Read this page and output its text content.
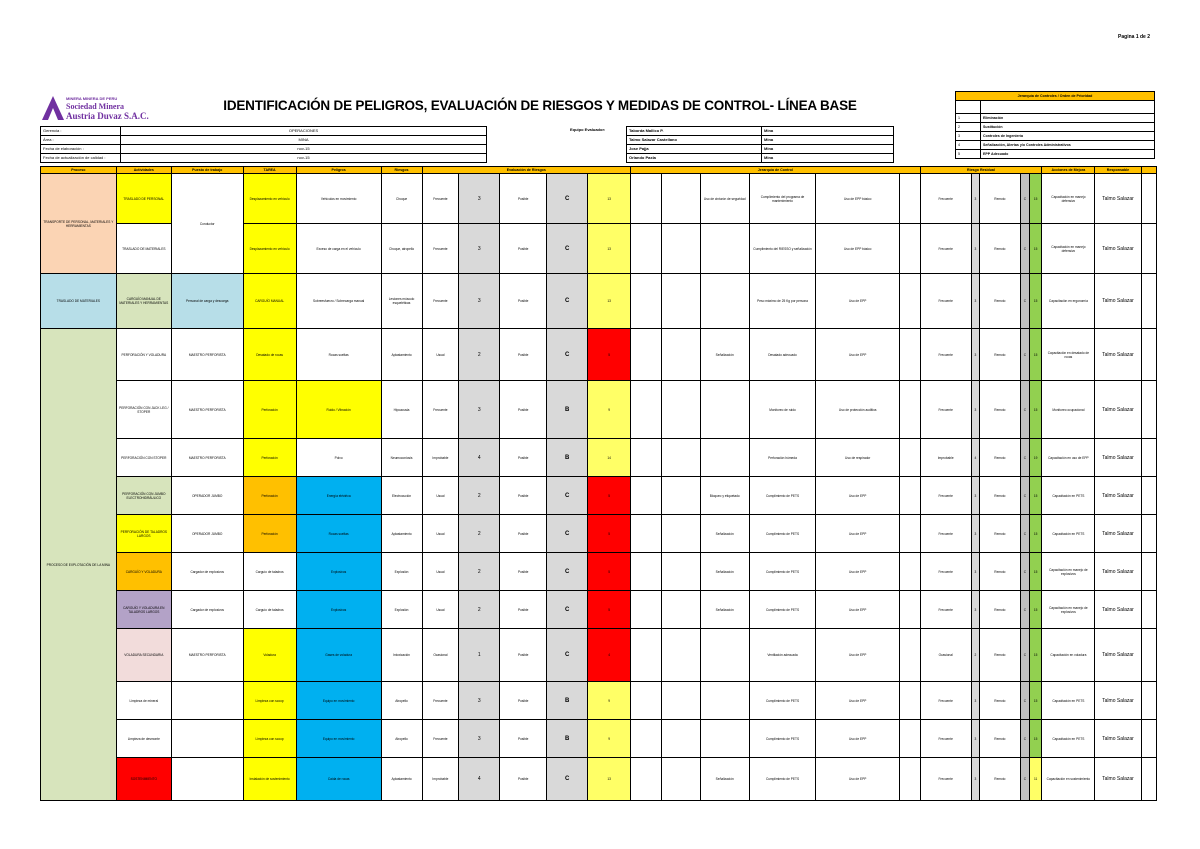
Pagina 1 de 2
MINERA MINERA DE PERU
Sociedad Minera
Austria Duvaz S.A.C.
IDENTIFICACIÓN DE PELIGROS, EVALUACIÓN DE RIESGOS Y MEDIDAS DE CONTROL- LÍNEA BASE
Gerencia :	OPERACIONES
Área :	MINA
Fecha de elaboración :	nov-15
Fecha de actualización de calidad :	nov-15
Equipo Evaluador:	Taborda Mallico P.	Mina
Talmo Salazar Castellano	Mina
Jose Pajja	Mina
Orlando Paxla	Mina
Jerarquía de Controles / Orden de Prioridad	

1	Eliminación
2	Sustitución
3	Controles de Ingeniería
4	Señalización, Alertas y/o Controles Administrativos
5	EPP Adecuado
Proceso	Actividades	Puesto de trabajo	TAREA	Peligros	Riesgos	Evaluación de Riesgos					Jerarquía de Control						Riesgo Residual					Acciones de Mejora	Responsable	
TRANSPORTE DE PERSONAL, MATERIALES Y HERRAMIENTAS	TRASLADO DE PERSONAL	Conductor	Desplazamiento en vehículo	Vehículos en movimiento	Choque	Frecuente	3	Posible	C	13			Uso de cinturón de seguridad	Cumplimiento del programa de mantenimiento	Uso de EPP básico		Frecuente	3	Remoto	C	15	Capacitación en manejo defensivo	Talmo Salazar	
	TRASLADO DE MATERIALES		Desplazamiento en vehículo	Exceso de carga en el vehículo	Choque, atropello	Frecuente	3	Posible	C	13				Cumplimiento del RIESSO y señalización	Uso de EPP básico		Frecuente	3	Remoto	C	15	Capacitación en manejo defensivo	Talmo Salazar	
TRASLADO DE MATERIALES	CARGUÍO MANUAL DE MATERIALES Y HERRAMIENTAS	Personal de carga y descarga	CARGUÍO MANUAL	Sobreesfuerzo / Sobrecarga manual	Lesiones músculo esqueléticas	Frecuente	3	Posible	C	13				Peso máximo de 25 Kg por persona	Uso de EPP		Frecuente	3	Remoto	C	15	Capacitación en ergonomía	Talmo Salazar	
PROCESO DE EXPLOTACIÓN DE LA MINA	PERFORACIÓN Y VOLADURA	MAESTRO PERFORISTA	Desatado de rocas	Rocas sueltas	Aplastamiento	Usual	2	Posible	C	5			Señalización	Desatado adecuado	Uso de EPP		Frecuente	3	Remoto	C	15	Capacitación en desatado de rocas	Talmo Salazar	
	PERFORACIÓN CON JACK LEG / STOPER	MAESTRO PERFORISTA	Perforación	Ruido / Vibración	Hipoacusia	Frecuente	3	Posible	B	9				Monitoreo de ruido	Uso de protección auditiva		Frecuente	3	Remoto	C	15	Monitoreo ocupacional	Talmo Salazar	
	PERFORACIÓN CON STOPER	MAESTRO PERFORISTA	Perforación	Polvo	Neumoconiosis	Improbable	4	Posible	B	14				Perforación húmeda	Uso de respirador		Improbable	4	Remoto	C	19	Capacitación en uso de EPP	Talmo Salazar	
	PERFORACIÓN CON JUMBO ELECTROHIDRÁULICO	OPERADOR JUMBO	Perforación	Energía eléctrica	Electrocución	Usual	2	Posible	C	5			Bloqueo y etiquetado	Cumplimiento de PETS	Uso de EPP		Frecuente	3	Remoto	C	15	Capacitación en PETS	Talmo Salazar	
	PERFORACIÓN DE TALADROS LARGOS	OPERADOR JUMBO	Perforación	Rocas sueltas	Aplastamiento	Usual	2	Posible	C	5			Señalización	Cumplimiento de PETS	Uso de EPP		Frecuente	3	Remoto	C	15	Capacitación en PETS	Talmo Salazar	
	CARGUÍO Y VOLADURA	Cargador de explosivos	Carguío de taladros	Explosivos	Explosión	Usual	2	Posible	C	5			Señalización	Cumplimiento de PETS	Uso de EPP		Frecuente	3	Remoto	C	15	Capacitación en manejo de explosivos	Talmo Salazar	
	CARGUÍO Y VOLADURA EN TALADROS LARGOS	Cargador de explosivos	Carguío de taladros	Explosivos	Explosión	Usual	2	Posible	C	5			Señalización	Cumplimiento de PETS	Uso de EPP		Frecuente	3	Remoto	C	15	Capacitación en manejo de explosivos	Talmo Salazar	
	VOLADURA SECUNDARIA	MAESTRO PERFORISTA	Voladura	Gases de voladura	Intoxicación	Ocasional	1	Posible	C	4				Ventilación adecuada	Uso de EPP		Ocasional	2	Remoto	C	15	Capacitación en voladura	Talmo Salazar	
	Limpieza de mineral		Limpieza con scoop	Equipo en movimiento	Atropello	Frecuente	3	Posible	B	9				Cumplimiento de PETS	Uso de EPP		Frecuente	3	Remoto	C	15	Capacitación en PETS	Talmo Salazar	
	Limpieza de desmonte		Limpieza con scoop	Equipo en movimiento	Atropello	Frecuente	3	Posible	B	9				Cumplimiento de PETS	Uso de EPP		Frecuente	3	Remoto	C	15	Capacitación en PETS	Talmo Salazar	
	SOSTENIMIENTO		Instalación de sostenimiento	Caída de rocas	Aplastamiento	Improbable	4	Posible	C	13			Señalización	Cumplimiento de PETS	Uso de EPP		Frecuente	3	Remoto	C	11	Capacitación en sostenimiento	Talmo Salazar	
